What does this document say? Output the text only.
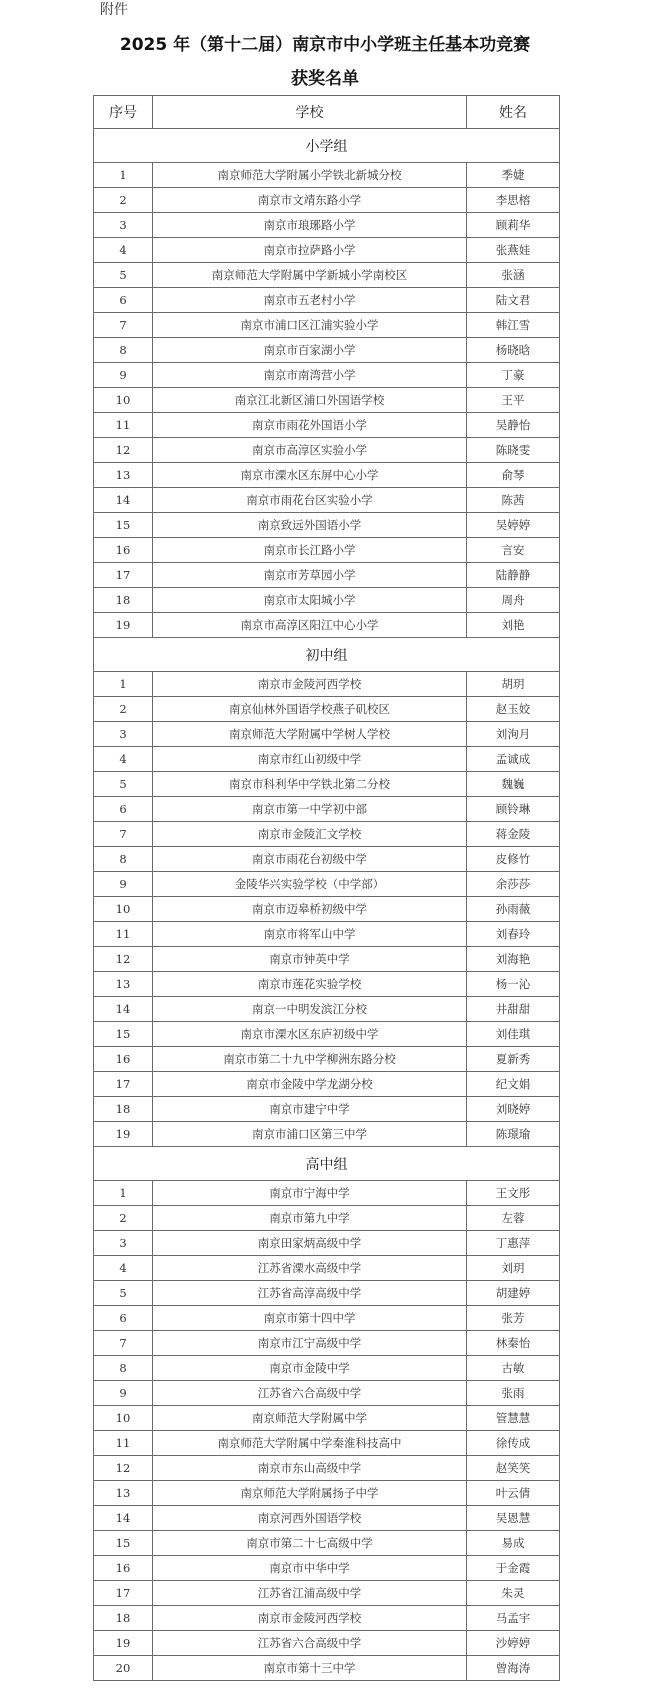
附件
2025 年（第十二届）南京市中小学班主任基本功竞赛
获奖名单
序号	学校	姓名
小学组		
1	南京师范大学附属小学铁北新城分校	季婕
2	南京市文靖东路小学	李思榕
3	南京市琅琊路小学	顾莉华
4	南京市拉萨路小学	张燕娃
5	南京师范大学附属中学新城小学南校区	张涵
6	南京市五老村小学	陆文君
7	南京市浦口区江浦实验小学	韩江雪
8	南京市百家湖小学	杨晓晗
9	南京市南湾营小学	丁豪
10	南京江北新区浦口外国语学校	王平
11	南京市雨花外国语小学	吴静怡
12	南京市高淳区实验小学	陈晓雯
13	南京市溧水区东屏中心小学	俞琴
14	南京市雨花台区实验小学	陈茜
15	南京致远外国语小学	吴婷婷
16	南京市长江路小学	言安
17	南京市芳草园小学	陆静静
18	南京市太阳城小学	周舟
19	南京市高淳区阳江中心小学	刘艳
初中组		
1	南京市金陵河西学校	胡玥
2	南京仙林外国语学校燕子矶校区	赵玉姣
3	南京师范大学附属中学树人学校	刘洵月
4	南京市红山初级中学	孟诚成
5	南京市科利华中学铁北第二分校	魏巍
6	南京市第一中学初中部	顾铃琳
7	南京市金陵汇文学校	蒋金陵
8	南京市雨花台初级中学	皮修竹
9	金陵华兴实验学校（中学部）	余莎莎
10	南京市迈皋桥初级中学	孙雨薇
11	南京市将军山中学	刘春玲
12	南京市钟英中学	刘海艳
13	南京市莲花实验学校	杨一沁
14	南京一中明发滨江分校	井甜甜
15	南京市溧水区东庐初级中学	刘佳琪
16	南京市第二十九中学柳洲东路分校	夏新秀
17	南京市金陵中学龙湖分校	纪文娟
18	南京市建宁中学	刘晓婷
19	南京市浦口区第三中学	陈璟瑜
高中组		
1	南京市宁海中学	王文彤
2	南京市第九中学	左蓉
3	南京田家炳高级中学	丁惠萍
4	江苏省溧水高级中学	刘玥
5	江苏省高淳高级中学	胡建婷
6	南京市第十四中学	张芳
7	南京市江宁高级中学	林秦怡
8	南京市金陵中学	古敏
9	江苏省六合高级中学	张雨
10	南京师范大学附属中学	管慧慧
11	南京师范大学附属中学秦淮科技高中	徐传成
12	南京市东山高级中学	赵笑笑
13	南京师范大学附属扬子中学	叶云倩
14	南京河西外国语学校	吴恩慧
15	南京市第二十七高级中学	易成
16	南京市中华中学	于金霞
17	江苏省江浦高级中学	朱灵
18	南京市金陵河西学校	马孟宇
19	江苏省六合高级中学	沙婷婷
20	南京市第十三中学	曾海涛
